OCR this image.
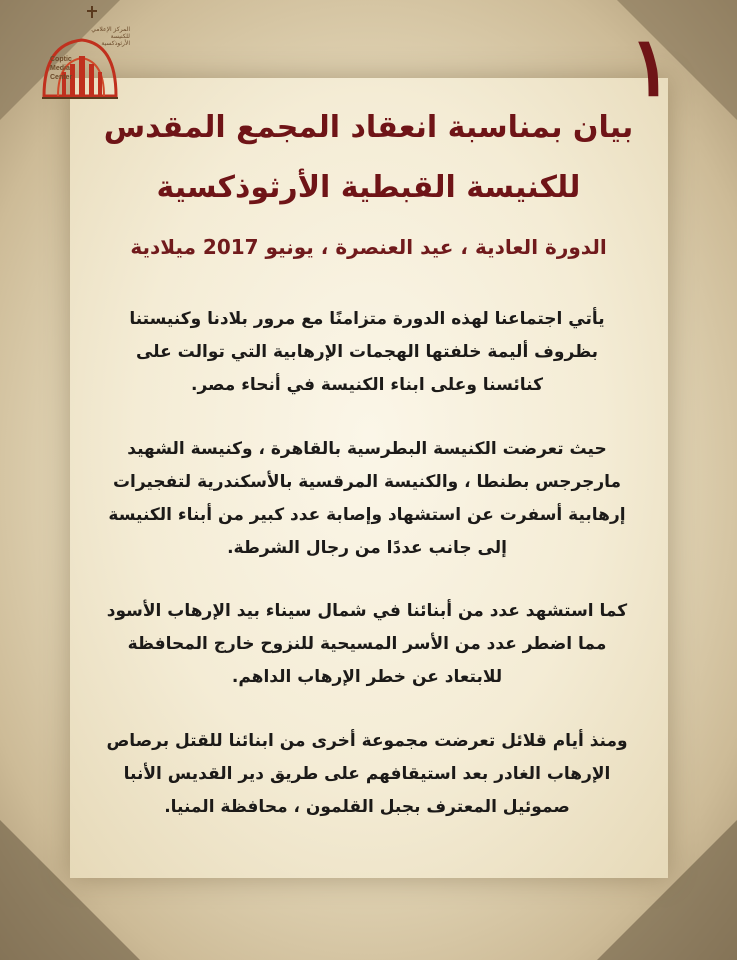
المركز الإعلامي للكنيسة الأرثوذكسية
Coptic
Media
Center	١
بيان بمناسبة انعقاد المجمع المقدس
للكنيسة القبطية الأرثوذكسية
الدورة العادية ، عيد العنصرة ، يونيو 2017 ميلادية
يأتي اجتماعنا لهذه الدورة متزامنًا مع مرور بلادنا وكنيستنا
بظروف أليمة خلفتها الهجمات الإرهابية التي توالت على
كنائسنا وعلى ابناء الكنيسة في أنحاء مصر.
حيث تعرضت الكنيسة البطرسية بالقاهرة ، وكنيسة الشهيد
مارجرجس بطنطا ، والكنيسة المرقسية بالأسكندرية لتفجيرات
إرهابية أسفرت عن استشهاد وإصابة عدد كبير من أبناء الكنيسة
إلى جانب عددًا من رجال الشرطة.
كما استشهد عدد من أبنائنا في شمال سيناء بيد الإرهاب الأسود
مما اضطر عدد من الأسر المسيحية للنزوح خارج المحافظة
للابتعاد عن خطر الإرهاب الداهم.
ومنذ أيام قلائل تعرضت مجموعة أخرى من ابنائنا للقتل برصاص
الإرهاب الغادر بعد استيقافهم على طريق دير القديس الأنبا
صموئيل المعترف بجبل القلمون ، محافظة المنيا.
